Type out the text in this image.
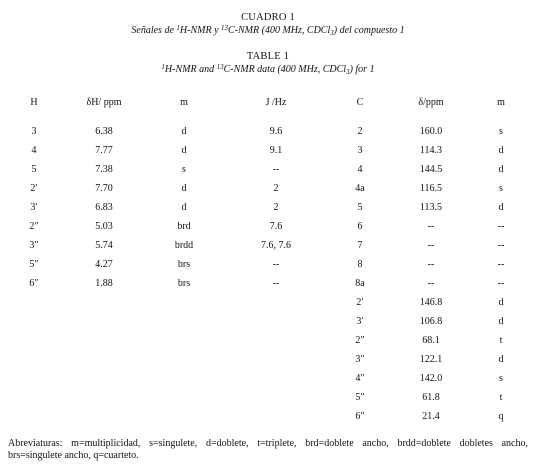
CUADRO 1
Señales de $^1$H-NMR y $^{13}$C-NMR (400 MHz, CDCl$_3$) del compuesto 1
TABLE 1
$^1$H-NMR and $^{13}$C-NMR data (400 MHz, CDCl$_3$) for 1
H	δH/ ppm	m	J /Hz	C	δ/ppm	m

3	6.38	d	9.6	2	160.0	s
4	7.77	d	9.1	3	114.3	d
5	7.38	s	--	4	144.5	d
2′	7.70	d	2	4a	116.5	s
3′	6.83	d	2	5	113.5	d
2″	5.03	brd	7.6	6	--	--
3″	5.74	brdd	7.6, 7.6	7	--	--
5″	4.27	brs	--	8	--	--
6″	1.88	brs	--	8a	--	--
				2′	146.8	d
				3′	106.8	d
				2″	68.1	t
				3″	122.1	d
				4″	142.0	s
				5″	61.8	t
				6″	21.4	q
Abreviaturas: m=multiplicidad, s=singulete, d=doblete, t=triplete, brd=doblete ancho, brdd=doblete dobletes ancho, brs=singulete ancho, q=cuarteto.
